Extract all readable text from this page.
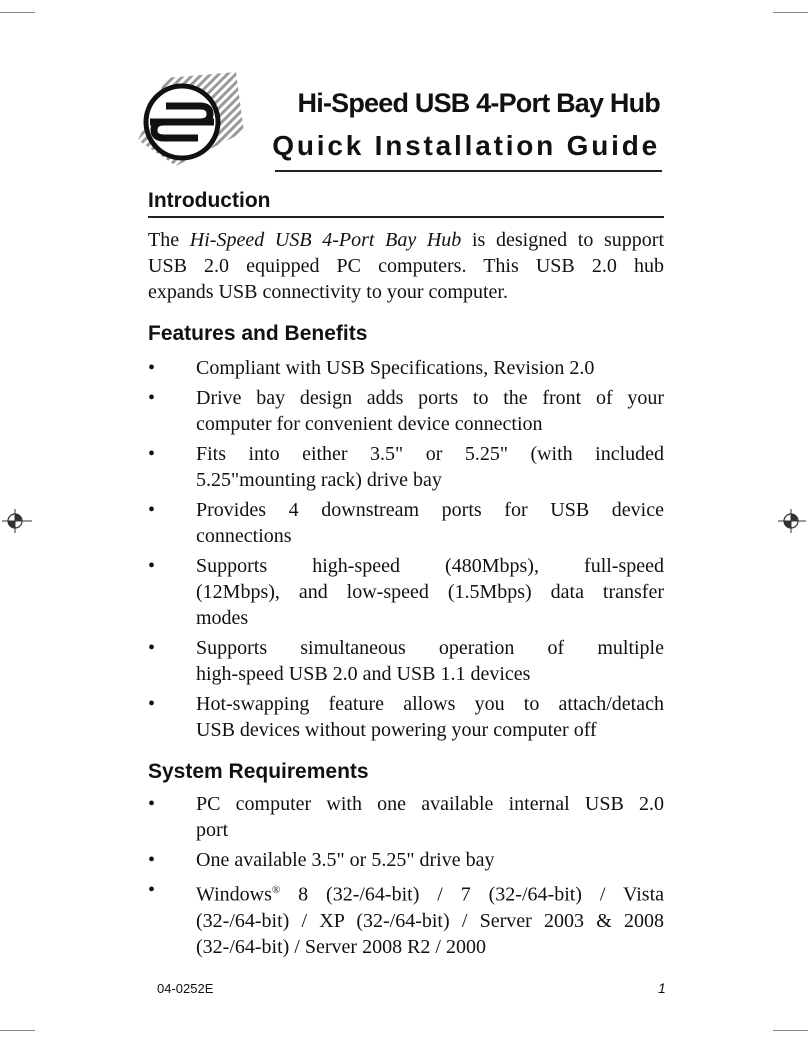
Hi-Speed USB 4-Port Bay Hub
Quick Installation Guide
Introduction
The Hi-Speed USB 4-Port Bay Hub is designed to support
USB 2.0 equipped PC computers. This USB 2.0 hub
expands USB connectivity to your computer.
Features and Benefits
• Compliant with USB Specifications, Revision 2.0
• Drive bay design adds ports to the front of your
computer for convenient device connection
• Fits into either 3.5" or 5.25" (with included
5.25"mounting rack) drive bay
• Provides 4 downstream ports for USB device
connections
• Supports high-speed (480Mbps), full-speed
(12Mbps), and low-speed (1.5Mbps) data transfer
modes
• Supports simultaneous operation of multiple
high-speed USB 2.0 and USB 1.1 devices
• Hot-swapping feature allows you to attach/detach
USB devices without powering your computer off
System Requirements
• PC computer with one available internal USB 2.0
port
• One available 3.5" or 5.25" drive bay
• Windows® 8 (32-/64-bit) / 7 (32-/64-bit) / Vista
(32-/64-bit) / XP (32-/64-bit) / Server 2003 & 2008
(32-/64-bit) / Server 2008 R2 / 2000
04-0252E	1
